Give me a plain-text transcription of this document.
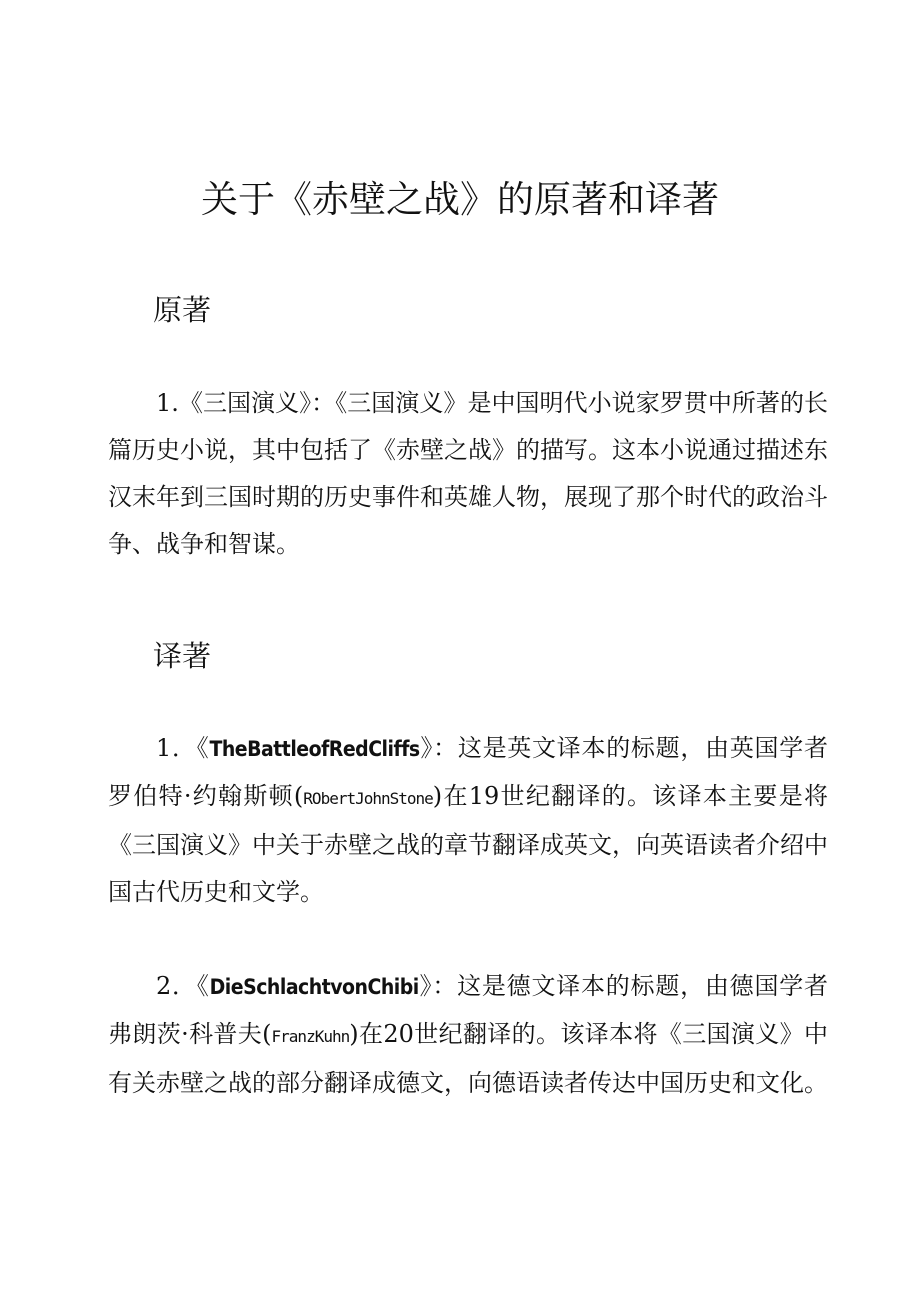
关于《赤壁之战》的原著和译著
原著

1.《三国演义》：《三国演义》是中国明代小说家罗贯中所著的长篇历史小说，其中包括了《赤壁之战》的描写。这本小说通过描述东汉末年到三国时期的历史事件和英雄人物，展现了那个时代的政治斗争、战争和智谋。

译著

1．《TheBattleofRedCliffs》：这是英文译本的标题，由英国学者罗伯特·约翰斯顿(RObertJohnStone)在19世纪翻译的。该译本主要是将《三国演义》中关于赤壁之战的章节翻译成英文，向英语读者介绍中国古代历史和文学。

2．《DieSchlachtvonChibi》：这是德文译本的标题，由德国学者弗朗茨·科普夫(FranzKuhn)在20世纪翻译的。该译本将《三国演义》中有关赤壁之战的部分翻译成德文，向德语读者传达中国历史和文化。
